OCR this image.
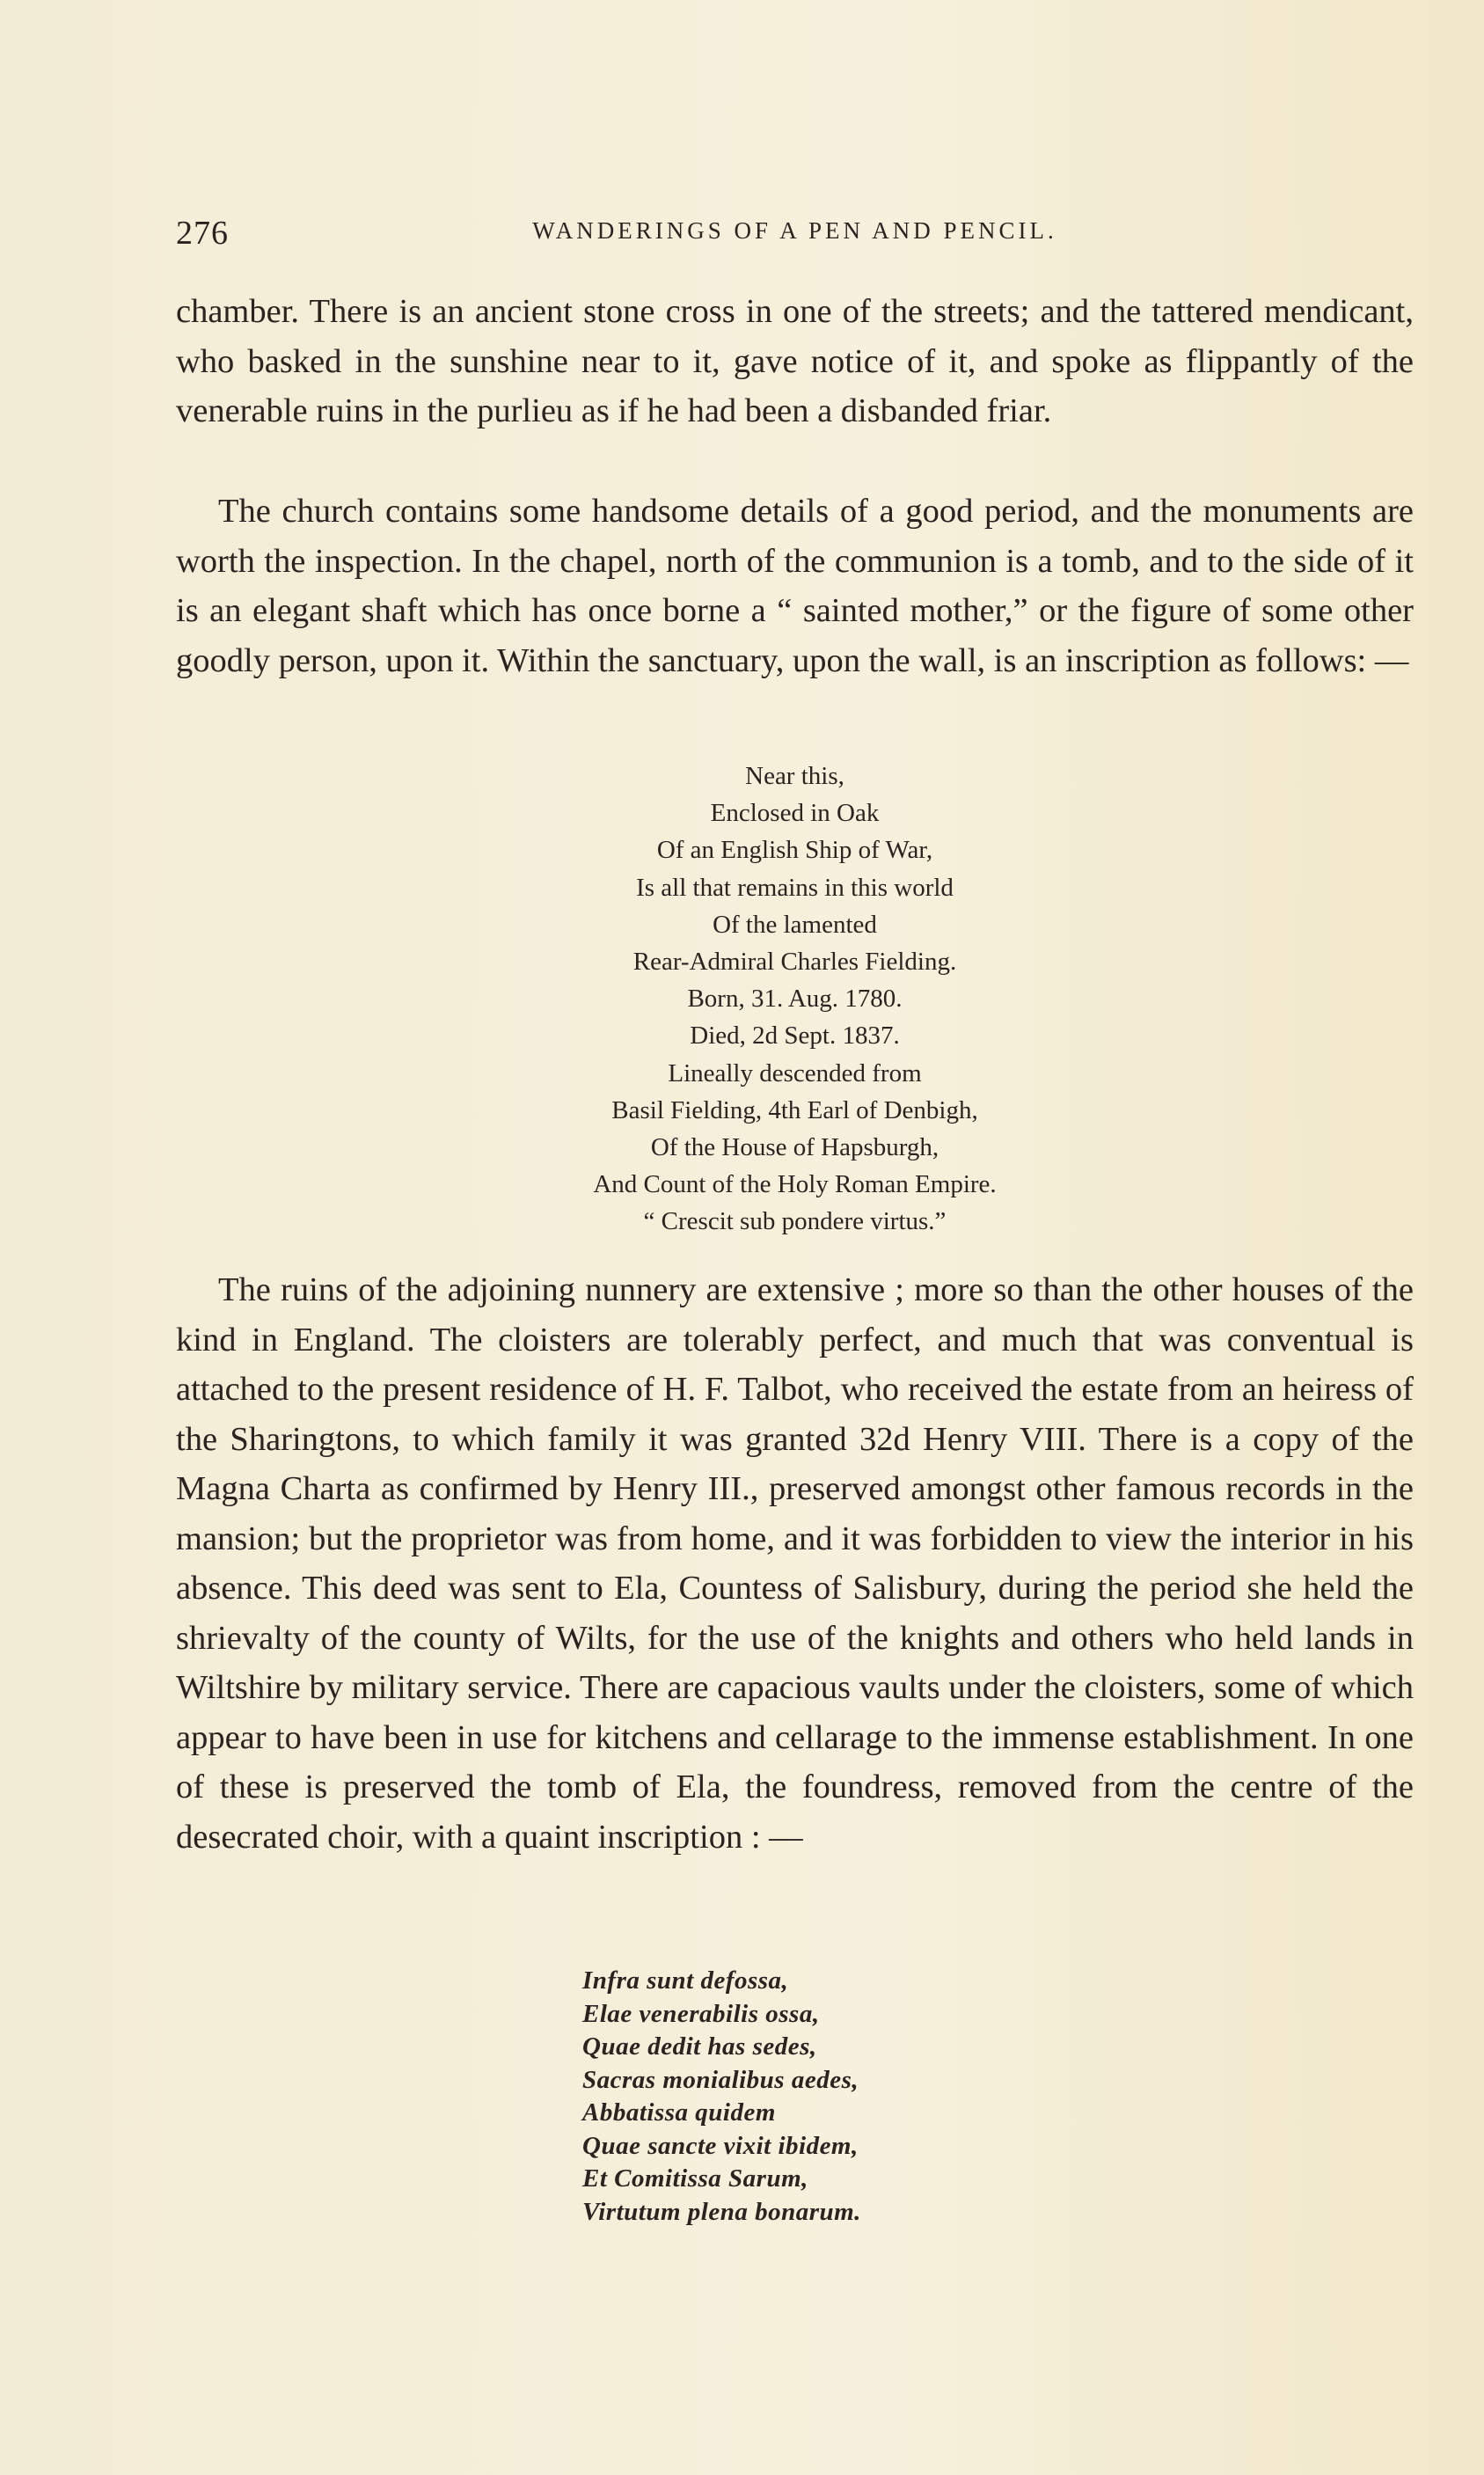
276	WANDERINGS OF A PEN AND PENCIL.

chamber. There is an ancient stone cross in one of the streets; and the tattered mendicant, who basked in the sunshine near to it, gave notice of it, and spoke as flippantly of the venerable ruins in the purlieu as if he had been a disbanded friar.

The church contains some handsome details of a good period, and the monuments are worth the inspection. In the chapel, north of the communion is a tomb, and to the side of it is an elegant shaft which has once borne a “ sainted mother,” or the figure of some other goodly person, upon it. Within the sanctuary, upon the wall, is an inscription as follows: —

Near this,
Enclosed in Oak
Of an English Ship of War,
Is all that remains in this world
Of the lamented
Rear-Admiral Charles Fielding.
Born, 31. Aug. 1780.
Died, 2d Sept. 1837.
Lineally descended from
Basil Fielding, 4th Earl of Denbigh,
Of the House of Hapsburgh,
And Count of the Holy Roman Empire.
“ Crescit sub pondere virtus.”

The ruins of the adjoining nunnery are extensive ; more so than the other houses of the kind in England. The cloisters are tolerably perfect, and much that was conventual is attached to the present residence of H. F. Talbot, who received the estate from an heiress of the Sharingtons, to which family it was granted 32d Henry VIII. There is a copy of the Magna Charta as confirmed by Henry III., preserved amongst other famous records in the mansion; but the proprietor was from home, and it was forbidden to view the interior in his absence. This deed was sent to Ela, Countess of Salisbury, during the period she held the shrievalty of the county of Wilts, for the use of the knights and others who held lands in Wiltshire by military service. There are capacious vaults under the cloisters, some of which appear to have been in use for kitchens and cellarage to the immense establishment. In one of these is preserved the tomb of Ela, the foundress, removed from the centre of the desecrated choir, with a quaint inscription : —

Infra sunt defossa,
Elae venerabilis ossa,
Quae dedit has sedes,
Sacras monialibus aedes,
Abbatissa quidem
Quae sancte vixit ibidem,
Et Comitissa Sarum,
Virtutum plena bonarum.
